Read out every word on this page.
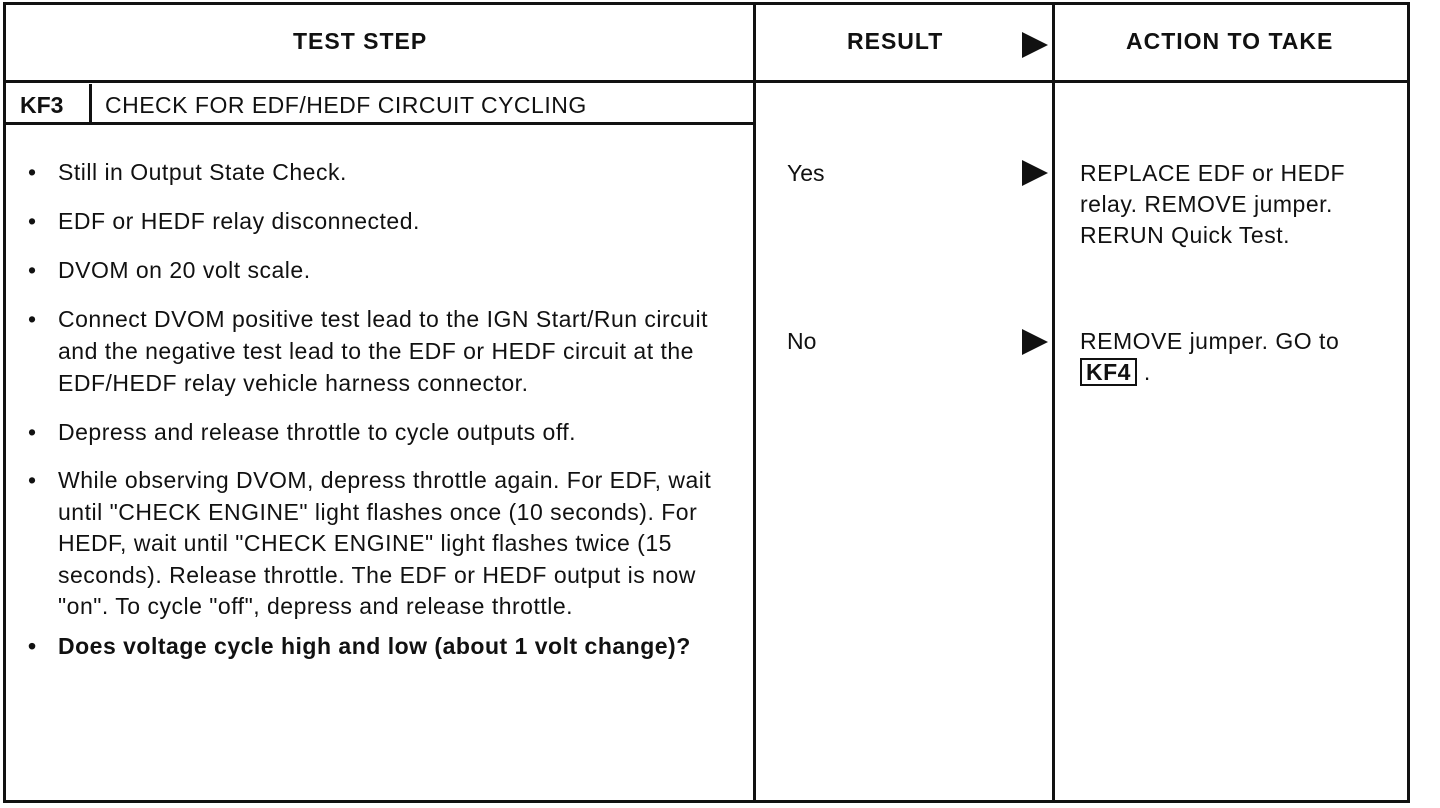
TEST STEP	RESULT	ACTION TO TAKE
KF3 CHECK FOR EDF/HEDF CIRCUIT CYCLING
• Still in Output State Check.
• EDF or HEDF relay disconnected.
• DVOM on 20 volt scale.
• Connect DVOM positive test lead to the IGN Start/Run circuit and the negative test lead to the EDF or HEDF circuit at the EDF/HEDF relay vehicle harness connector.
• Depress and release throttle to cycle outputs off.
• While observing DVOM, depress throttle again. For EDF, wait until "CHECK ENGINE" light flashes once (10 seconds). For HEDF, wait until "CHECK ENGINE" light flashes twice (15 seconds). Release throttle. The EDF or HEDF output is now "on". To cycle "off", depress and release throttle.
• Does voltage cycle high and low (about 1 volt change)?
Yes	REPLACE EDF or HEDF relay. REMOVE jumper. RERUN Quick Test.
No	REMOVE jumper. GO to KF4 .
